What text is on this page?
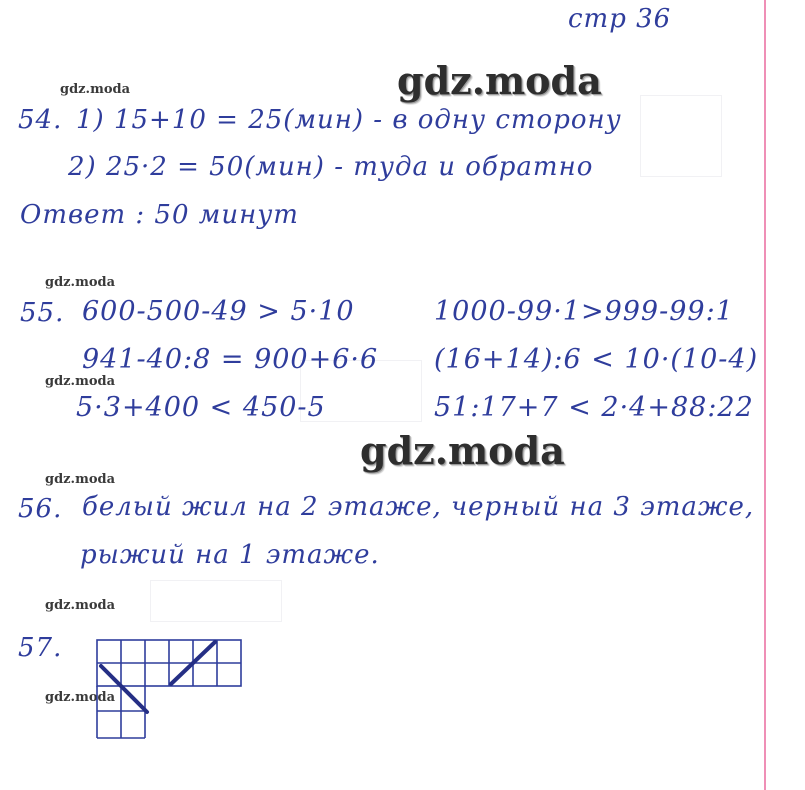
стр 36
gdz.moda
gdz.moda
gdz.moda
gdz.moda
gdz.moda
gdz.moda
gdz.moda
gdz.moda
54. 1) 15+10 = 25(мин) - в одну сторону
2) 25·2 = 50(мин) - туда и обратно
Ответ : 50 минут
55. 600-500-49 > 5·10	1000-99·1>999-99:1
941-40:8 = 900+6·6 (16+14):6 < 10·(10-4)
5·3+400 < 450-5	51:17+7 < 2·4+88:22
56. белый жил на 2 этаже, черный на 3 этаже,
рыжий на 1 этаже.
57.
